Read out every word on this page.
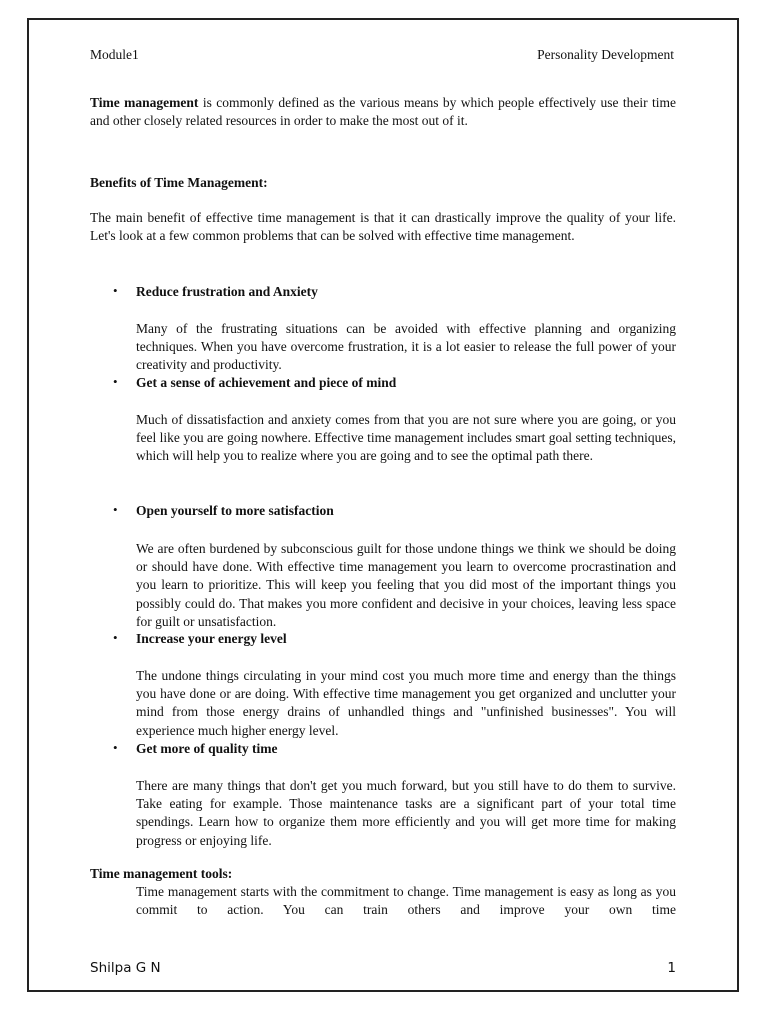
Module1	Personality Development

Time management is commonly defined as the various means by which people effectively use their time and other closely related resources in order to make the most out of it.

Benefits of Time Management:

The main benefit of effective time management is that it can drastically improve the quality of your life. Let's look at a few common problems that can be solved with effective time management.

• Reduce frustration and Anxiety

Many of the frustrating situations can be avoided with effective planning and organizing techniques. When you have overcome frustration, it is a lot easier to release the full power of your creativity and productivity.

• Get a sense of achievement and piece of mind

Much of dissatisfaction and anxiety comes from that you are not sure where you are going, or you feel like you are going nowhere. Effective time management includes smart goal setting techniques, which will help you to realize where you are going and to see the optimal path there.

• Open yourself to more satisfaction

We are often burdened by subconscious guilt for those undone things we think we should be doing or should have done. With effective time management you learn to overcome procrastination and you learn to prioritize. This will keep you feeling that you did most of the important things you possibly could do. That makes you more confident and decisive in your choices, leaving less space for guilt or unsatisfaction.

• Increase your energy level

The undone things circulating in your mind cost you much more time and energy than the things you have done or are doing. With effective time management you get organized and unclutter your mind from those energy drains of unhandled things and "unfinished businesses". You will experience much higher energy level.

• Get more of quality time

There are many things that don't get you much forward, but you still have to do them to survive. Take eating for example. Those maintenance tasks are a significant part of your total time spendings. Learn how to organize them more efficiently and you will get more time for making progress or enjoying life.

Time management tools:

Time management starts with the commitment to change. Time management is easy as long as you commit to action. You can train others and improve your own time

Shilpa G N	1
